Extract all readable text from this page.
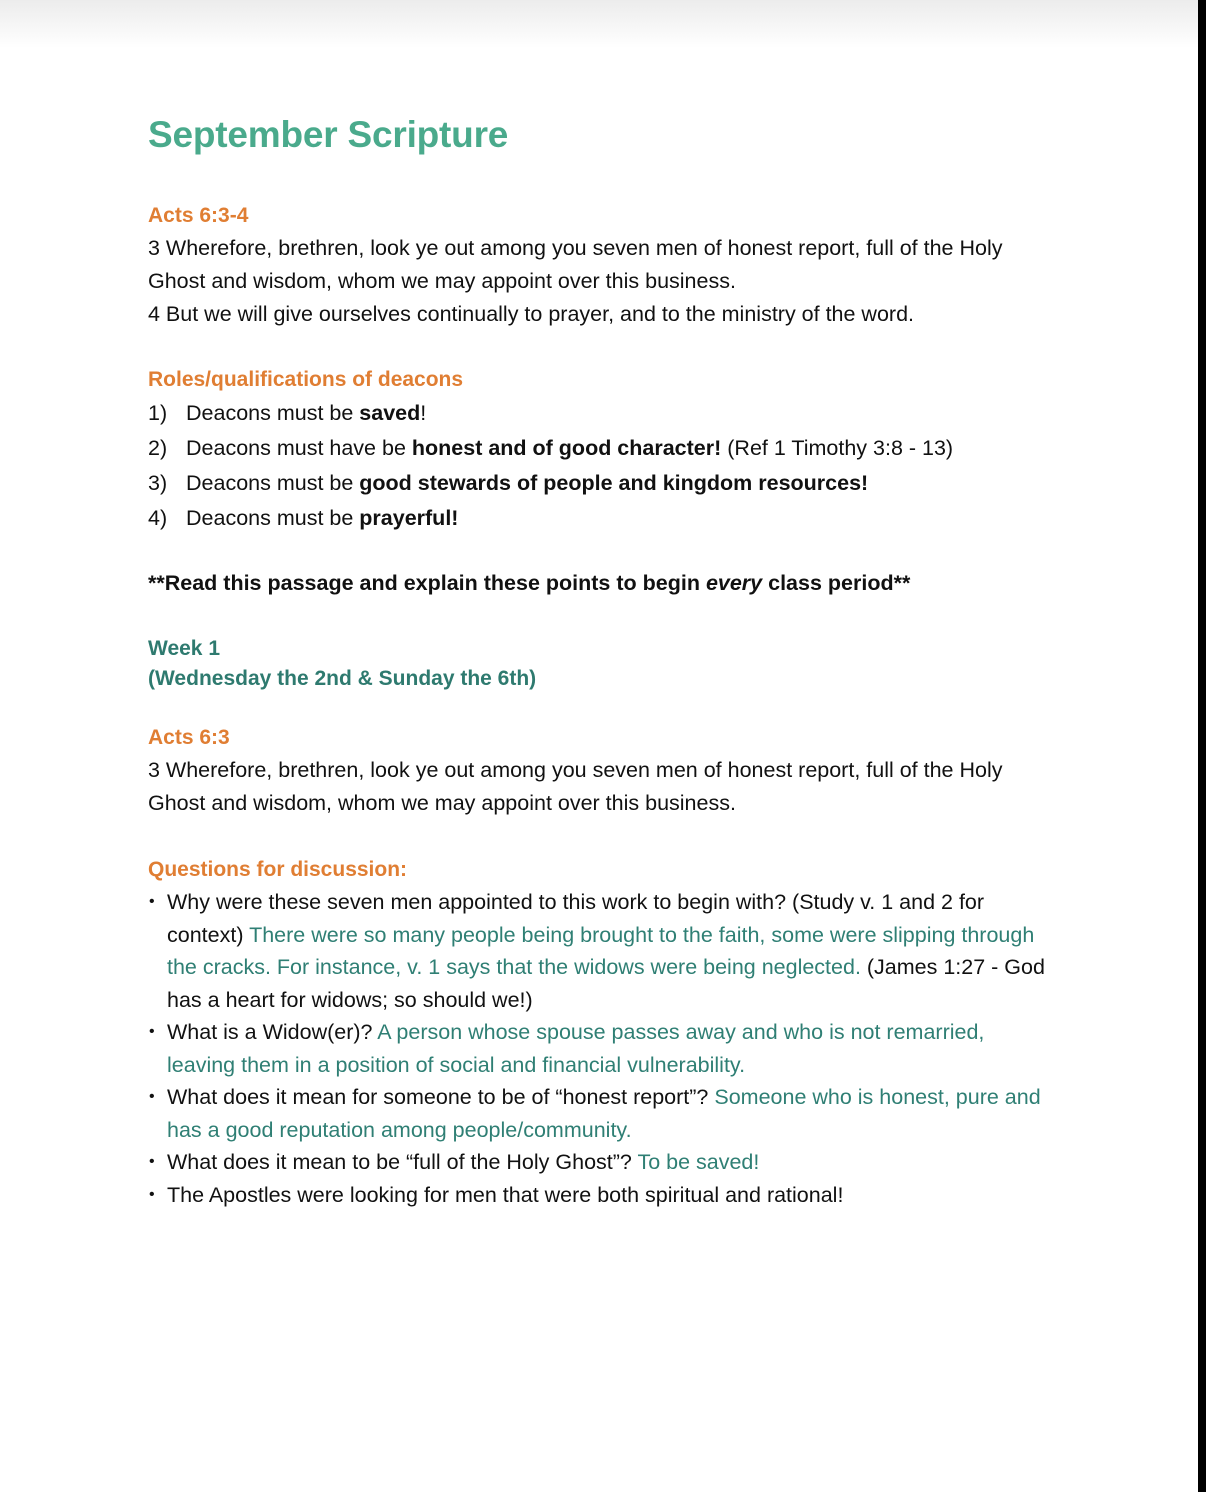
September Scripture
Acts 6:3-4
3 Wherefore, brethren, look ye out among you seven men of honest report, full of the Holy Ghost and wisdom, whom we may appoint over this business.
4 But we will give ourselves continually to prayer, and to the ministry of the word.
Roles/qualifications of deacons
1) Deacons must be saved!
2) Deacons must have be honest and of good character! (Ref 1 Timothy 3:8 - 13)
3) Deacons must be good stewards of people and kingdom resources!
4) Deacons must be prayerful!
**Read this passage and explain these points to begin every class period**
Week 1
(Wednesday the 2nd & Sunday the 6th)
Acts 6:3
3 Wherefore, brethren, look ye out among you seven men of honest report, full of the Holy Ghost and wisdom, whom we may appoint over this business.
Questions for discussion:
• Why were these seven men appointed to this work to begin with? (Study v. 1 and 2 for context) There were so many people being brought to the faith, some were slipping through the cracks. For instance, v. 1 says that the widows were being neglected. (James 1:27 - God has a heart for widows; so should we!)
• What is a Widow(er)? A person whose spouse passes away and who is not remarried, leaving them in a position of social and financial vulnerability.
• What does it mean for someone to be of “honest report”? Someone who is honest, pure and has a good reputation among people/community.
• What does it mean to be “full of the Holy Ghost”? To be saved!
• The Apostles were looking for men that were both spiritual and rational!
